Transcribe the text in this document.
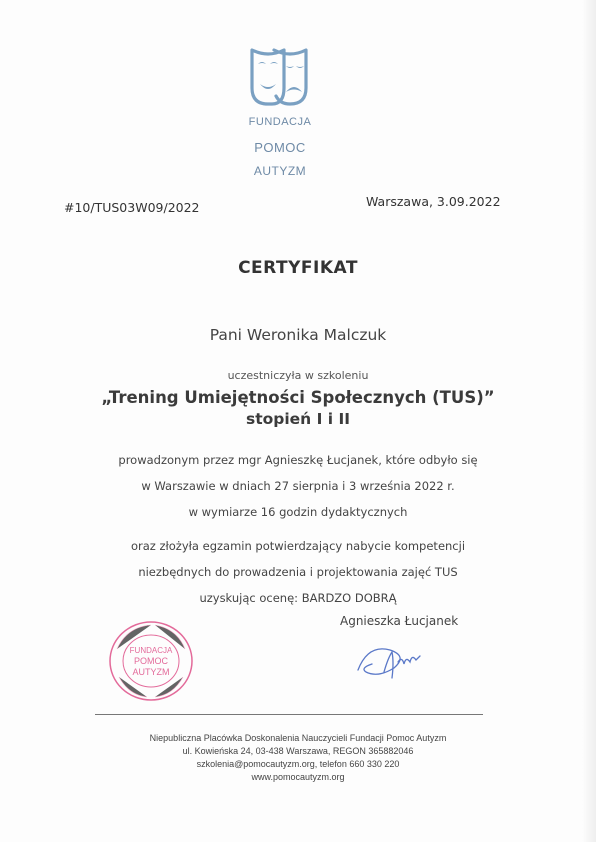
FUNDACJA
POMOC
AUTYZM
#10/TUS03W09/2022	Warszawa, 3.09.2022
CERTYFIKAT
Pani Weronika Malczuk
uczestniczyła w szkoleniu
„Trening Umiejętności Społecznych (TUS)”
stopień I i II
prowadzonym przez mgr Agnieszkę Łucjanek, które odbyło się
w Warszawie w dniach 27 sierpnia i 3 września 2022 r.
w wymiarze 16 godzin dydaktycznych
oraz złożyła egzamin potwierdzający nabycie kompetencji
niezbędnych do prowadzenia i projektowania zajęć TUS
uzyskując ocenę: BARDZO DOBRĄ
Agnieszka Łucjanek
FUNDACJA
POMOC
AUTYZM
Niepubliczna Placówka Doskonalenia Nauczycieli Fundacji Pomoc Autyzm
ul. Kowieńska 24, 03-438 Warszawa, REGON 365882046
szkolenia@pomocautyzm.org, telefon 660 330 220
www.pomocautyzm.org
